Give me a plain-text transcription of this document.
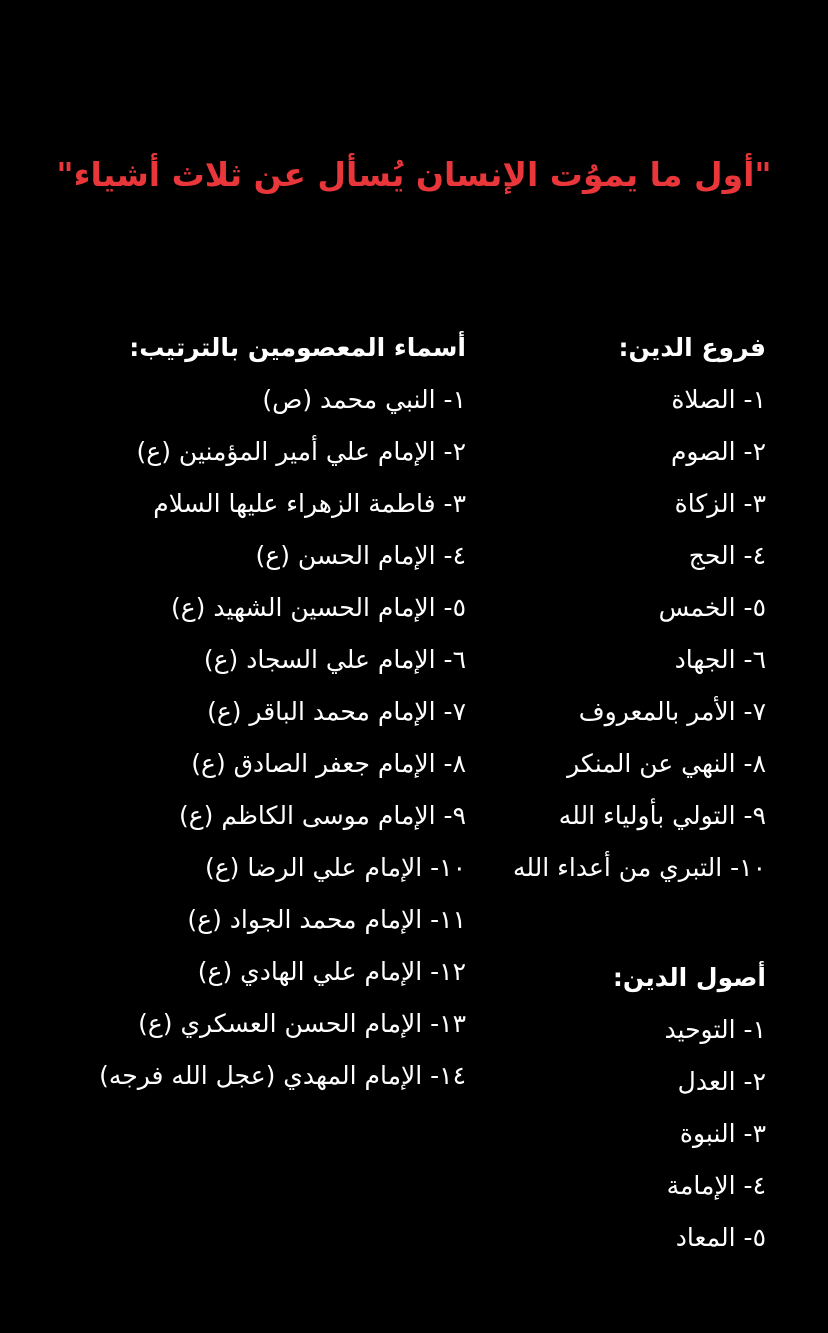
"أول ما يموُت الإنسان يُسأل عن ثلاث أشياء"
فروع الدين:
١- الصلاة
٢- الصوم
٣- الزكاة
٤- الحج
٥- الخمس
٦- الجهاد
٧- الأمر بالمعروف
٨- النهي عن المنكر
٩- التولي بأولياء الله
١٠- التبري من أعداء الله
أصول الدين:
١- التوحيد
٢- العدل
٣- النبوة
٤- الإمامة
٥- المعاد
أسماء المعصومين بالترتيب:
١- النبي محمد (ص)
٢- الإمام علي أمير المؤمنين (ع)
٣- فاطمة الزهراء عليها السلام
٤- الإمام الحسن (ع)
٥- الإمام الحسين الشهيد (ع)
٦- الإمام علي السجاد (ع)
٧- الإمام محمد الباقر (ع)
٨- الإمام جعفر الصادق (ع)
٩- الإمام موسى الكاظم (ع)
١٠- الإمام علي الرضا (ع)
١١- الإمام محمد الجواد (ع)
١٢- الإمام علي الهادي (ع)
١٣- الإمام الحسن العسكري (ع)
١٤- الإمام المهدي (عجل الله فرجه)
